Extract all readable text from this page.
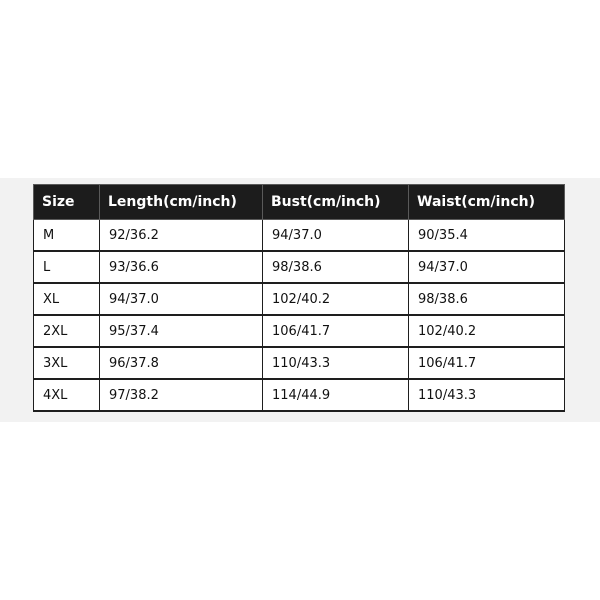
Size	Length(cm/inch)	Bust(cm/inch)	Waist(cm/inch)
M	92/36.2	94/37.0	90/35.4
L	93/36.6	98/38.6	94/37.0
XL	94/37.0	102/40.2	98/38.6
2XL	95/37.4	106/41.7	102/40.2
3XL	96/37.8	110/43.3	106/41.7
4XL	97/38.2	114/44.9	110/43.3
